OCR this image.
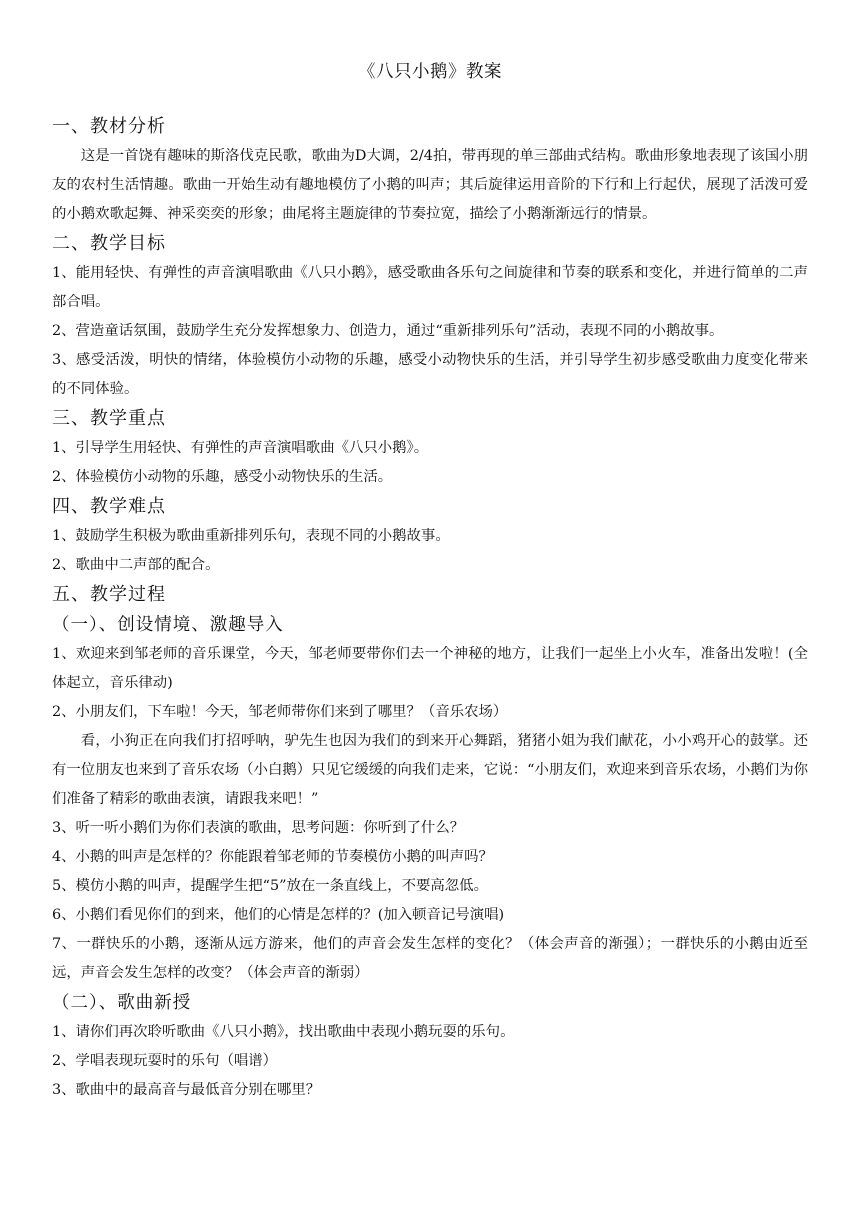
《八只小鹅》教案
一、教材分析

这是一首饶有趣味的斯洛伐克民歌，歌曲为D大调，2/4拍，带再现的单三部曲式结构。歌曲形象地表现了该国小朋友的农村生活情趣。歌曲一开始生动有趣地模仿了小鹅的叫声；其后旋律运用音阶的下行和上行起伏，展现了活泼可爱的小鹅欢歌起舞、神采奕奕的形象；曲尾将主题旋律的节奏拉宽，描绘了小鹅渐渐远行的情景。

二、教学目标

1、能用轻快、有弹性的声音演唱歌曲《八只小鹅》，感受歌曲各乐句之间旋律和节奏的联系和变化，并进行简单的二声部合唱。

2、营造童话氛围，鼓励学生充分发挥想象力、创造力，通过“重新排列乐句”活动，表现不同的小鹅故事。

3、感受活泼，明快的情绪，体验模仿小动物的乐趣，感受小动物快乐的生活，并引导学生初步感受歌曲力度变化带来的不同体验。

三、教学重点

1、引导学生用轻快、有弹性的声音演唱歌曲《八只小鹅》。

2、体验模仿小动物的乐趣，感受小动物快乐的生活。

四、教学难点

1、鼓励学生积极为歌曲重新排列乐句，表现不同的小鹅故事。

2、歌曲中二声部的配合。

五、教学过程
（一）、创设情境、激趣导入

1、欢迎来到邹老师的音乐课堂，今天，邹老师要带你们去一个神秘的地方，让我们一起坐上小火车，准备出发啦！(全体起立，音乐律动)

2、小朋友们，下车啦！今天，邹老师带你们来到了哪里？（音乐农场）

看，小狗正在向我们打招呼呐，驴先生也因为我们的到来开心舞蹈，猪猪小姐为我们献花，小小鸡开心的鼓掌。还有一位朋友也来到了音乐农场（小白鹅）只见它缓缓的向我们走来，它说：“小朋友们，欢迎来到音乐农场，小鹅们为你们准备了精彩的歌曲表演，请跟我来吧！”

3、听一听小鹅们为你们表演的歌曲，思考问题：你听到了什么？

4、小鹅的叫声是怎样的？你能跟着邹老师的节奏模仿小鹅的叫声吗？

5、模仿小鹅的叫声，提醒学生把“5”放在一条直线上，不要高忽低。

6、小鹅们看见你们的到来，他们的心情是怎样的？(加入顿音记号演唱)

7、一群快乐的小鹅，逐渐从远方游来，他们的声音会发生怎样的变化？（体会声音的渐强）；一群快乐的小鹅由近至远，声音会发生怎样的改变？（体会声音的渐弱）

（二）、歌曲新授

1、请你们再次聆听歌曲《八只小鹅》，找出歌曲中表现小鹅玩耍的乐句。

2、学唱表现玩耍时的乐句（唱谱）

3、歌曲中的最高音与最低音分别在哪里？
